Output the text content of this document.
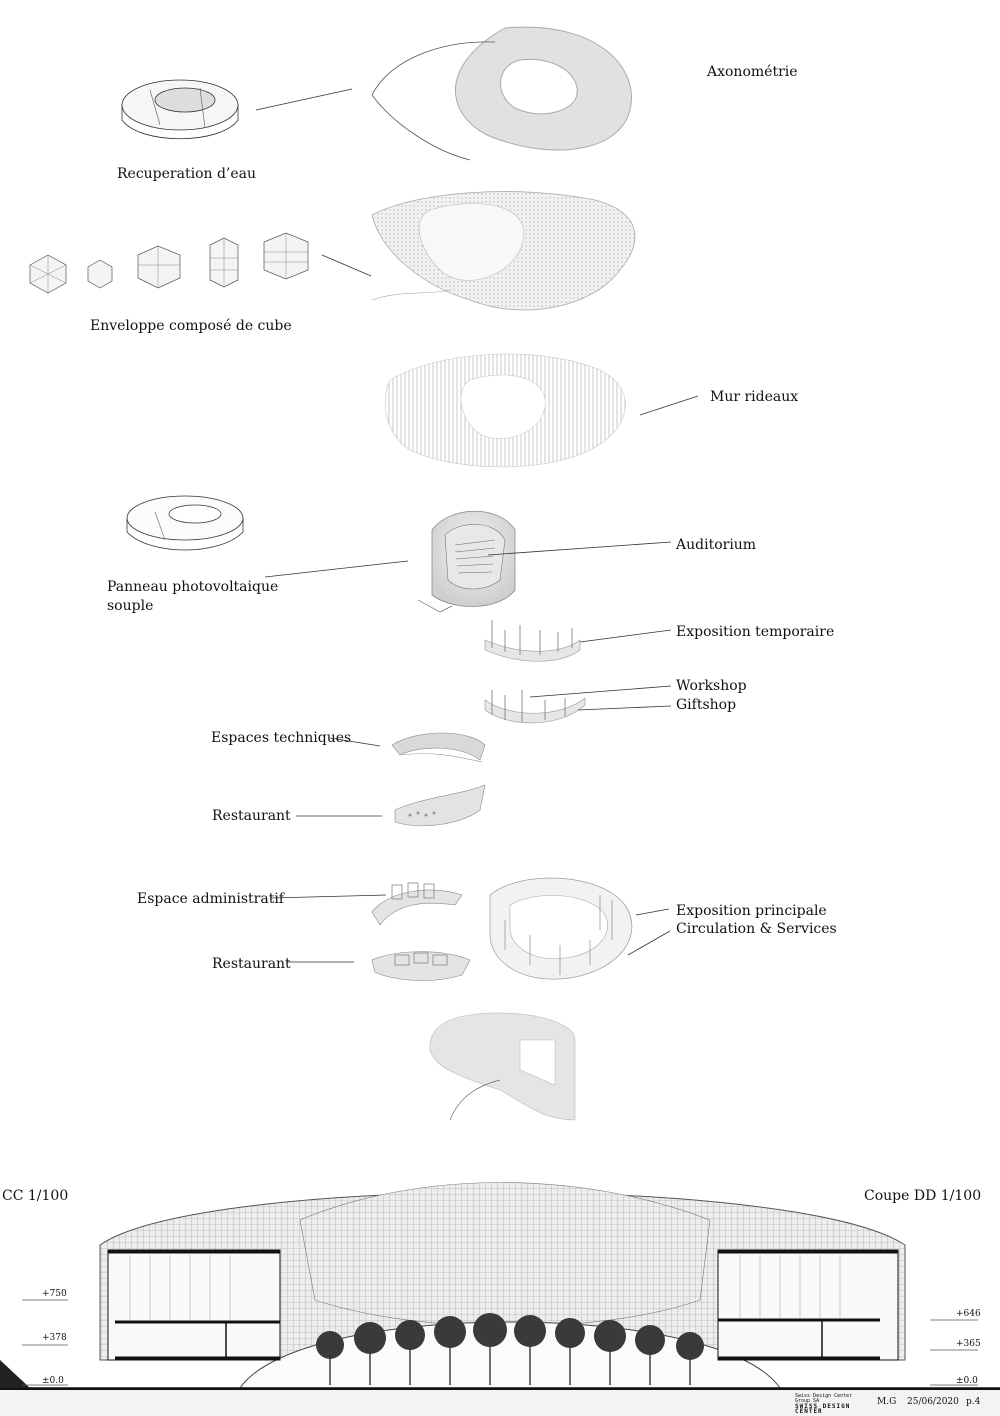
Axonométrie
Recuperation d’eau
Enveloppe composé de cube
Mur rideaux
Auditorium
Panneau photovoltaique
souple
Exposition temporaire
Workshop
Giftshop
Espaces techniques
Restaurant
Espace administratif
Exposition principale
Circulation & Services
Restaurant
CC 1/100	Coupe DD 1/100
+750
+378
±0.0
+646
+365
±0.0
Swiss Design Center Group SA
SWISS DESIGN CENTER
M.G 25/06/2020 p.4
